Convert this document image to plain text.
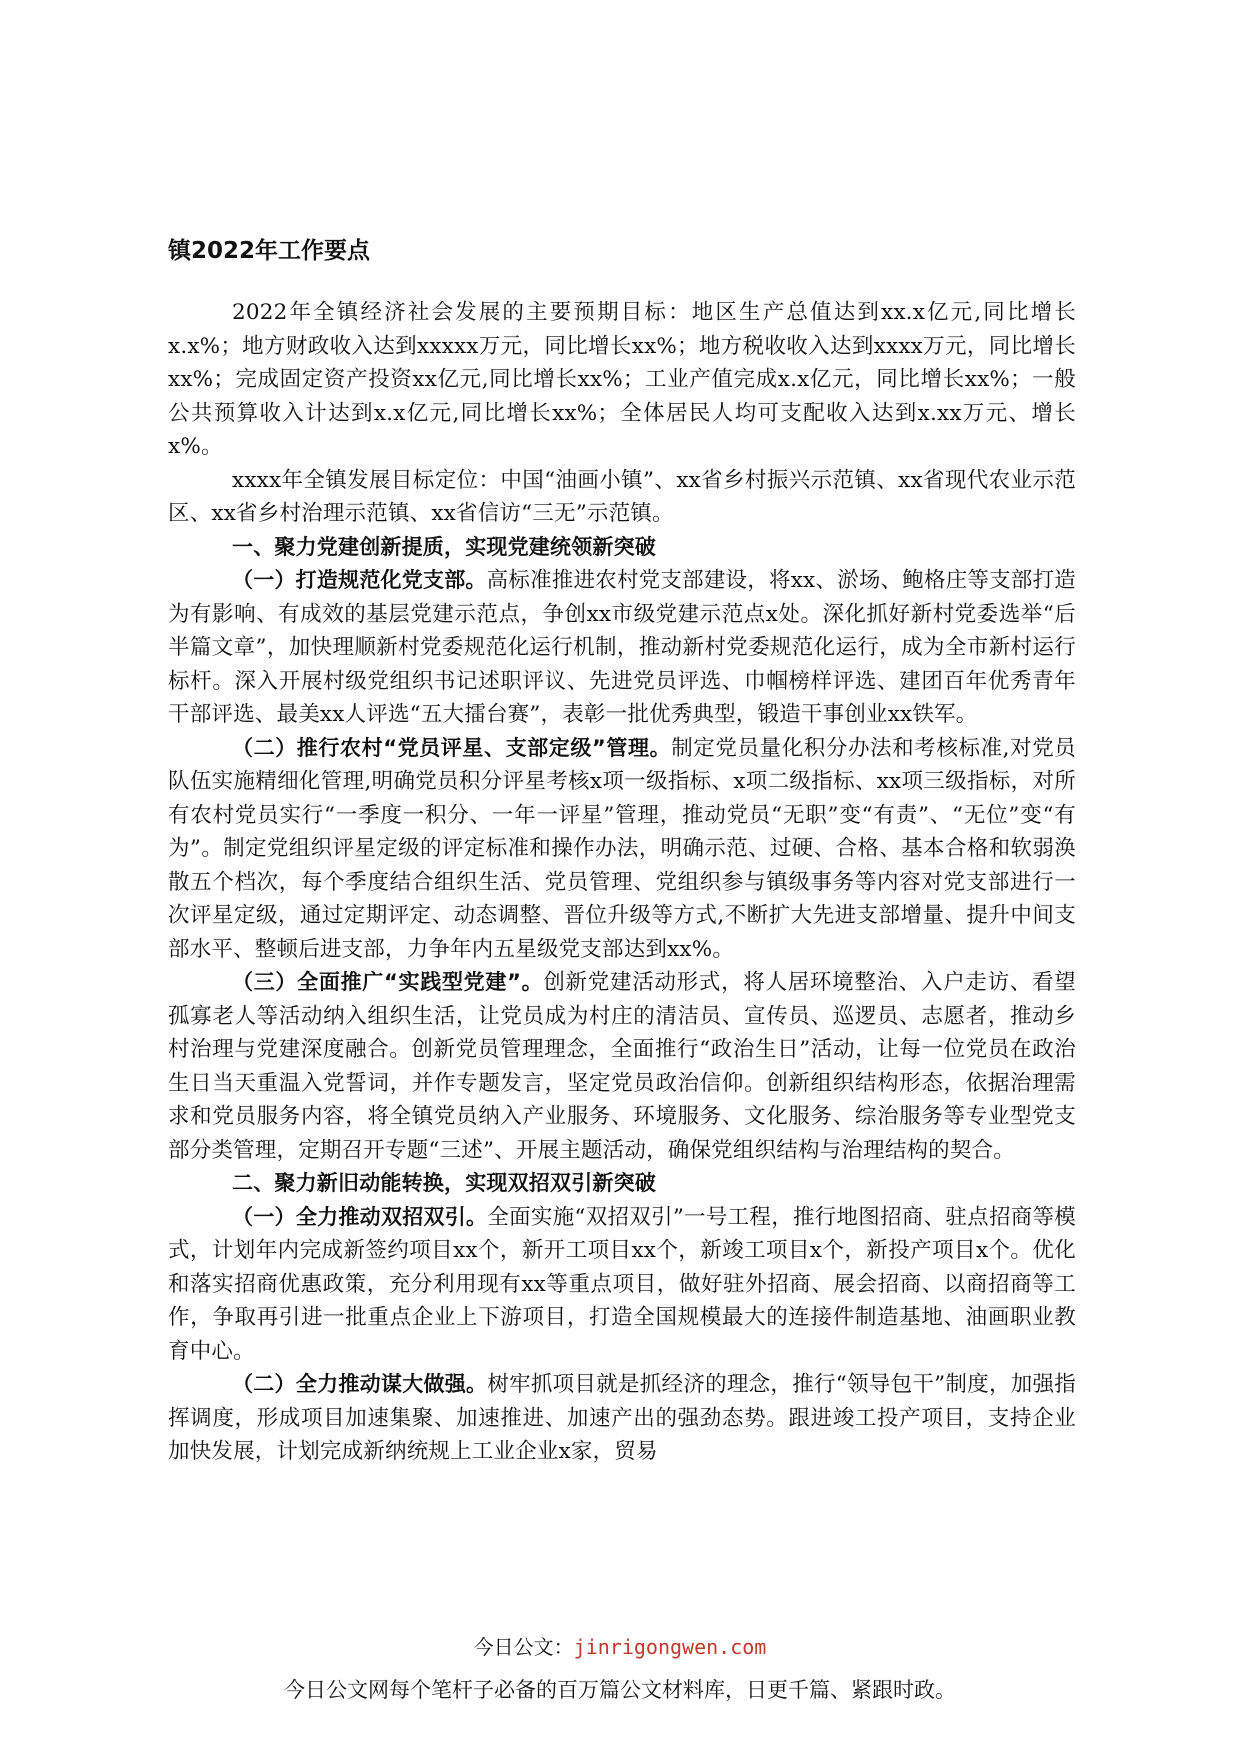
镇2022年工作要点

2022年全镇经济社会发展的主要预期目标：地区生产总值达到xx.x亿元,同比增长x.x%；地方财政收入达到xxxxx万元，同比增长xx%；地方税收收入达到xxxx万元，同比增长xx%；完成固定资产投资xx亿元,同比增长xx%；工业产值完成x.x亿元，同比增长xx%；一般公共预算收入计达到x.x亿元,同比增长xx%；全体居民人均可支配收入达到x.xx万元、增长x%。

xxxx年全镇发展目标定位：中国“油画小镇”、xx省乡村振兴示范镇、xx省现代农业示范区、xx省乡村治理示范镇、xx省信访“三无”示范镇。

一、聚力党建创新提质，实现党建统领新突破

（一）打造规范化党支部。高标准推进农村党支部建设，将xx、淤场、鲍格庄等支部打造为有影响、有成效的基层党建示范点，争创xx市级党建示范点x处。深化抓好新村党委选举“后半篇文章”，加快理顺新村党委规范化运行机制，推动新村党委规范化运行，成为全市新村运行标杆。深入开展村级党组织书记述职评议、先进党员评选、巾帼榜样评选、建团百年优秀青年干部评选、最美xx人评选“五大擂台赛”，表彰一批优秀典型，锻造干事创业xx铁军。

（二）推行农村“党员评星、支部定级”管理。制定党员量化积分办法和考核标准,对党员队伍实施精细化管理,明确党员积分评星考核x项一级指标、x项二级指标、xx项三级指标，对所有农村党员实行“一季度一积分、一年一评星”管理，推动党员“无职”变“有责”、“无位”变“有为”。制定党组织评星定级的评定标准和操作办法，明确示范、过硬、合格、基本合格和软弱涣散五个档次，每个季度结合组织生活、党员管理、党组织参与镇级事务等内容对党支部进行一次评星定级，通过定期评定、动态调整、晋位升级等方式,不断扩大先进支部增量、提升中间支部水平、整顿后进支部，力争年内五星级党支部达到xx%。

（三）全面推广“实践型党建”。创新党建活动形式，将人居环境整治、入户走访、看望孤寡老人等活动纳入组织生活，让党员成为村庄的清洁员、宣传员、巡逻员、志愿者，推动乡村治理与党建深度融合。创新党员管理理念，全面推行“政治生日”活动，让每一位党员在政治生日当天重温入党誓词，并作专题发言，坚定党员政治信仰。创新组织结构形态，依据治理需求和党员服务内容，将全镇党员纳入产业服务、环境服务、文化服务、综治服务等专业型党支部分类管理，定期召开专题“三述”、开展主题活动，确保党组织结构与治理结构的契合。

二、聚力新旧动能转换，实现双招双引新突破

（一）全力推动双招双引。全面实施“双招双引”一号工程，推行地图招商、驻点招商等模式，计划年内完成新签约项目xx个，新开工项目xx个，新竣工项目x个，新投产项目x个。优化和落实招商优惠政策，充分利用现有xx等重点项目，做好驻外招商、展会招商、以商招商等工作，争取再引进一批重点企业上下游项目，打造全国规模最大的连接件制造基地、油画职业教育中心。

（二）全力推动谋大做强。树牢抓项目就是抓经济的理念，推行“领导包干”制度，加强指挥调度，形成项目加速集聚、加速推进、加速产出的强劲态势。跟进竣工投产项目，支持企业加快发展，计划完成新纳统规上工业企业x家，贸易

今日公文：jinrigongwen.com
今日公文网每个笔杆子必备的百万篇公文材料库，日更千篇、紧跟时政。
